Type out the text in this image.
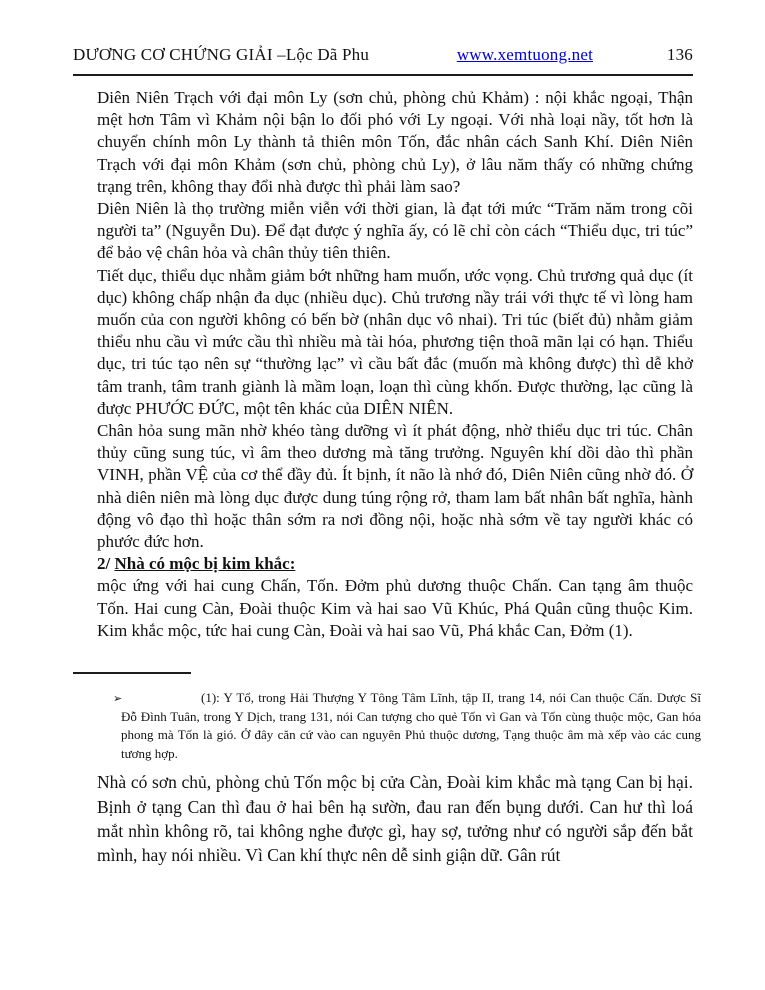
DƯƠNG CƠ CHỨNG GIẢI –Lộc Dã Phu	www.xemtuong.net	136

Diên Niên Trạch với đại môn Ly (sơn chủ, phòng chủ Khảm) : nội khắc ngoại, Thận mệt hơn Tâm vì Khảm nội bận lo đối phó với Ly ngoại. Với nhà loại nầy, tốt hơn là chuyển chính môn Ly thành tả thiên môn Tốn, đắc nhân cách Sanh Khí. Diên Niên Trạch với đại môn Khảm (sơn chủ, phòng chủ Ly), ở lâu năm thấy có những chứng trạng trên, không thay đổi nhà được thì phải làm sao?

Diên Niên là thọ trường miễn viễn với thời gian, là đạt tới mức “Trăm năm trong cõi người ta” (Nguyễn Du). Để đạt được ý nghĩa ấy, có lẽ chỉ còn cách “Thiểu dục, tri túc” để bảo vệ chân hỏa và chân thủy tiên thiên.

Tiết dục, thiểu dục nhằm giảm bớt những ham muốn, ước vọng. Chủ trương quả dục (ít dục) không chấp nhận đa dục (nhiều dục). Chủ trương nầy trái với thực tế vì lòng ham muốn của con người không có bến bờ (nhân dục vô nhai). Tri túc (biết đủ) nhằm giảm thiểu nhu cầu vì mức cầu thì nhiều mà tài hóa, phương tiện thoã mãn lại có hạn. Thiểu dục, tri túc tạo nên sự “thường lạc” vì cầu bất đắc (muốn mà không được) thì dễ khở tâm tranh, tâm tranh giành là mầm loạn, loạn thì cùng khốn. Được thường, lạc cũng là được PHƯỚC ĐỨC, một tên khác của DIÊN NIÊN.

Chân hỏa sung mãn nhờ khéo tàng dưỡng vì ít phát động, nhờ thiểu dục tri túc. Chân thủy cũng sung túc, vì âm theo dương mà tăng trưởng. Nguyên khí dồi dào thì phần VINH, phần VỆ của cơ thể đầy đủ. Ít bịnh, ít não là nhớ đó, Diên Niên cũng nhờ đó. Ở nhà diên niên mà lòng dục được dung túng rộng rở, tham lam bất nhân bất nghĩa, hành động vô đạo thì hoặc thân sớm ra nơi đồng nội, hoặc nhà sớm về tay người khác có phước đức hơn.

2/ Nhà có mộc bị kim khắc:

mộc ứng với hai cung Chấn, Tốn. Đởm phủ dương thuộc Chấn. Can tạng âm thuộc Tốn. Hai cung Càn, Đoài thuộc Kim và hai sao Vũ Khúc, Phá Quân cũng thuộc Kim. Kim khắc mộc, tức hai cung Càn, Đoài và hai sao Vũ, Phá khắc Can, Đởm (1).

➢	(1): Y Tổ, trong Hải Thượng Y Tông Tâm Lĩnh, tập II, trang 14, nói Can thuộc Cấn. Dược Sĩ Đỗ Đình Tuân, trong Y Dịch, trang 131, nói Can tượng cho quẻ Tốn vì Gan và Tốn cùng thuộc mộc, Gan hóa phong mà Tốn là gió. Ở đây căn cứ vào can nguyên Phủ thuộc dương, Tạng thuộc âm mà xếp vào các cung tương hợp.

Nhà có sơn chủ, phòng chủ Tốn mộc bị cửa Càn, Đoài kim khắc mà tạng Can bị hại. Bịnh ở tạng Can thì đau ở hai bên hạ sườn, đau ran đến bụng dưới. Can hư thì loá mắt nhìn không rõ, tai không nghe được gì, hay sợ, tưởng như có người sắp đến bắt mình, hay nói nhiều. Vì Can khí thực nên dễ sinh giận dữ. Gân rút
